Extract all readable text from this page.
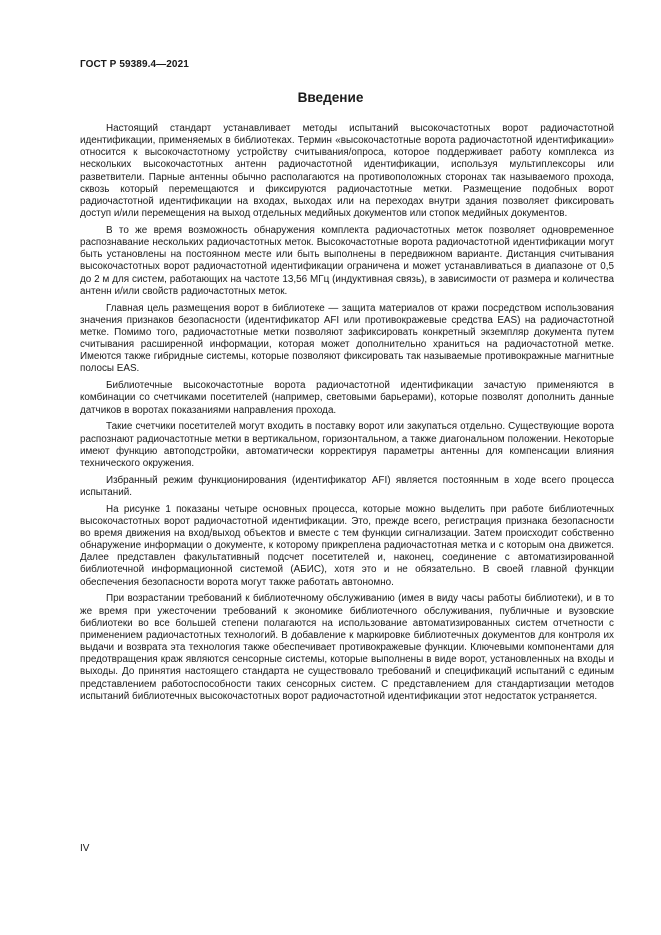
ГОСТ Р 59389.4—2021
Введение

Настоящий стандарт устанавливает методы испытаний высокочастотных ворот радиочастотной идентификации, применяемых в библиотеках. Термин «высокочастотные ворота радиочастотной идентификации» относится к высокочастотному устройству считывания/опроса, которое поддерживает работу комплекса из нескольких высокочастотных антенн радиочастотной идентификации, используя мультиплексоры или разветвители. Парные антенны обычно располагаются на противоположных сторонах так называемого прохода, сквозь который перемещаются и фиксируются радиочастотные метки. Размещение подобных ворот радиочастотной идентификации на входах, выходах или на переходах внутри здания позволяет фиксировать доступ и/или перемещения на выход отдельных медийных документов или стопок медийных документов.

В то же время возможность обнаружения комплекта радиочастотных меток позволяет одновременное распознавание нескольких радиочастотных меток. Высокочастотные ворота радиочастотной идентификации могут быть установлены на постоянном месте или быть выполнены в передвижном варианте. Дистанция считывания высокочастотных ворот радиочастотной идентификации ограничена и может устанавливаться в диапазоне от 0,5 до 2 м для систем, работающих на частоте 13,56 МГц (индуктивная связь), в зависимости от размера и количества антенн и/или свойств радиочастотных меток.

Главная цель размещения ворот в библиотеке — защита материалов от кражи посредством использования значения признаков безопасности (идентификатор AFI или противокражевые средства EAS) на радиочастотной метке. Помимо того, радиочастотные метки позволяют зафиксировать конкретный экземпляр документа путем считывания расширенной информации, которая может дополнительно храниться на радиочастотной метке. Имеются также гибридные системы, которые позволяют фиксировать так называемые противокражные магнитные полосы EAS.

Библиотечные высокочастотные ворота радиочастотной идентификации зачастую применяются в комбинации со счетчиками посетителей (например, световыми барьерами), которые позволят дополнить данные датчиков в воротах показаниями направления прохода.

Такие счетчики посетителей могут входить в поставку ворот или закупаться отдельно. Существующие ворота распознают радиочастотные метки в вертикальном, горизонтальном, а также диагональном положении. Некоторые имеют функцию автоподстройки, автоматически корректируя параметры антенны для компенсации влияния технического окружения.

Избранный режим функционирования (идентификатор AFI) является постоянным в ходе всего процесса испытаний.

На рисунке 1 показаны четыре основных процесса, которые можно выделить при работе библиотечных высокочастотных ворот радиочастотной идентификации. Это, прежде всего, регистрация признака безопасности во время движения на вход/выход объектов и вместе с тем функции сигнализации. Затем происходит собственно обнаружение информации о документе, к которому прикреплена радиочастотная метка и с которым она движется. Далее представлен факультативный подсчет посетителей и, наконец, соединение с автоматизированной библиотечной информационной системой (АБИС), хотя это и не обязательно. В своей главной функции обеспечения безопасности ворота могут также работать автономно.

При возрастании требований к библиотечному обслуживанию (имея в виду часы работы библиотеки), и в то же время при ужесточении требований к экономике библиотечного обслуживания, публичные и вузовские библиотеки во все большей степени полагаются на использование автоматизированных систем отчетности с применением радиочастотных технологий. В добавление к маркировке библиотечных документов для контроля их выдачи и возврата эта технология также обеспечивает противокражевые функции. Ключевыми компонентами для предотвращения краж являются сенсорные системы, которые выполнены в виде ворот, установленных на входы и выходы. До принятия настоящего стандарта не существовало требований и спецификаций испытаний с единым представлением работоспособности таких сенсорных систем. С представлением для стандартизации методов испытаний библиотечных высокочастотных ворот радиочастотной идентификации этот недостаток устраняется.

IV
